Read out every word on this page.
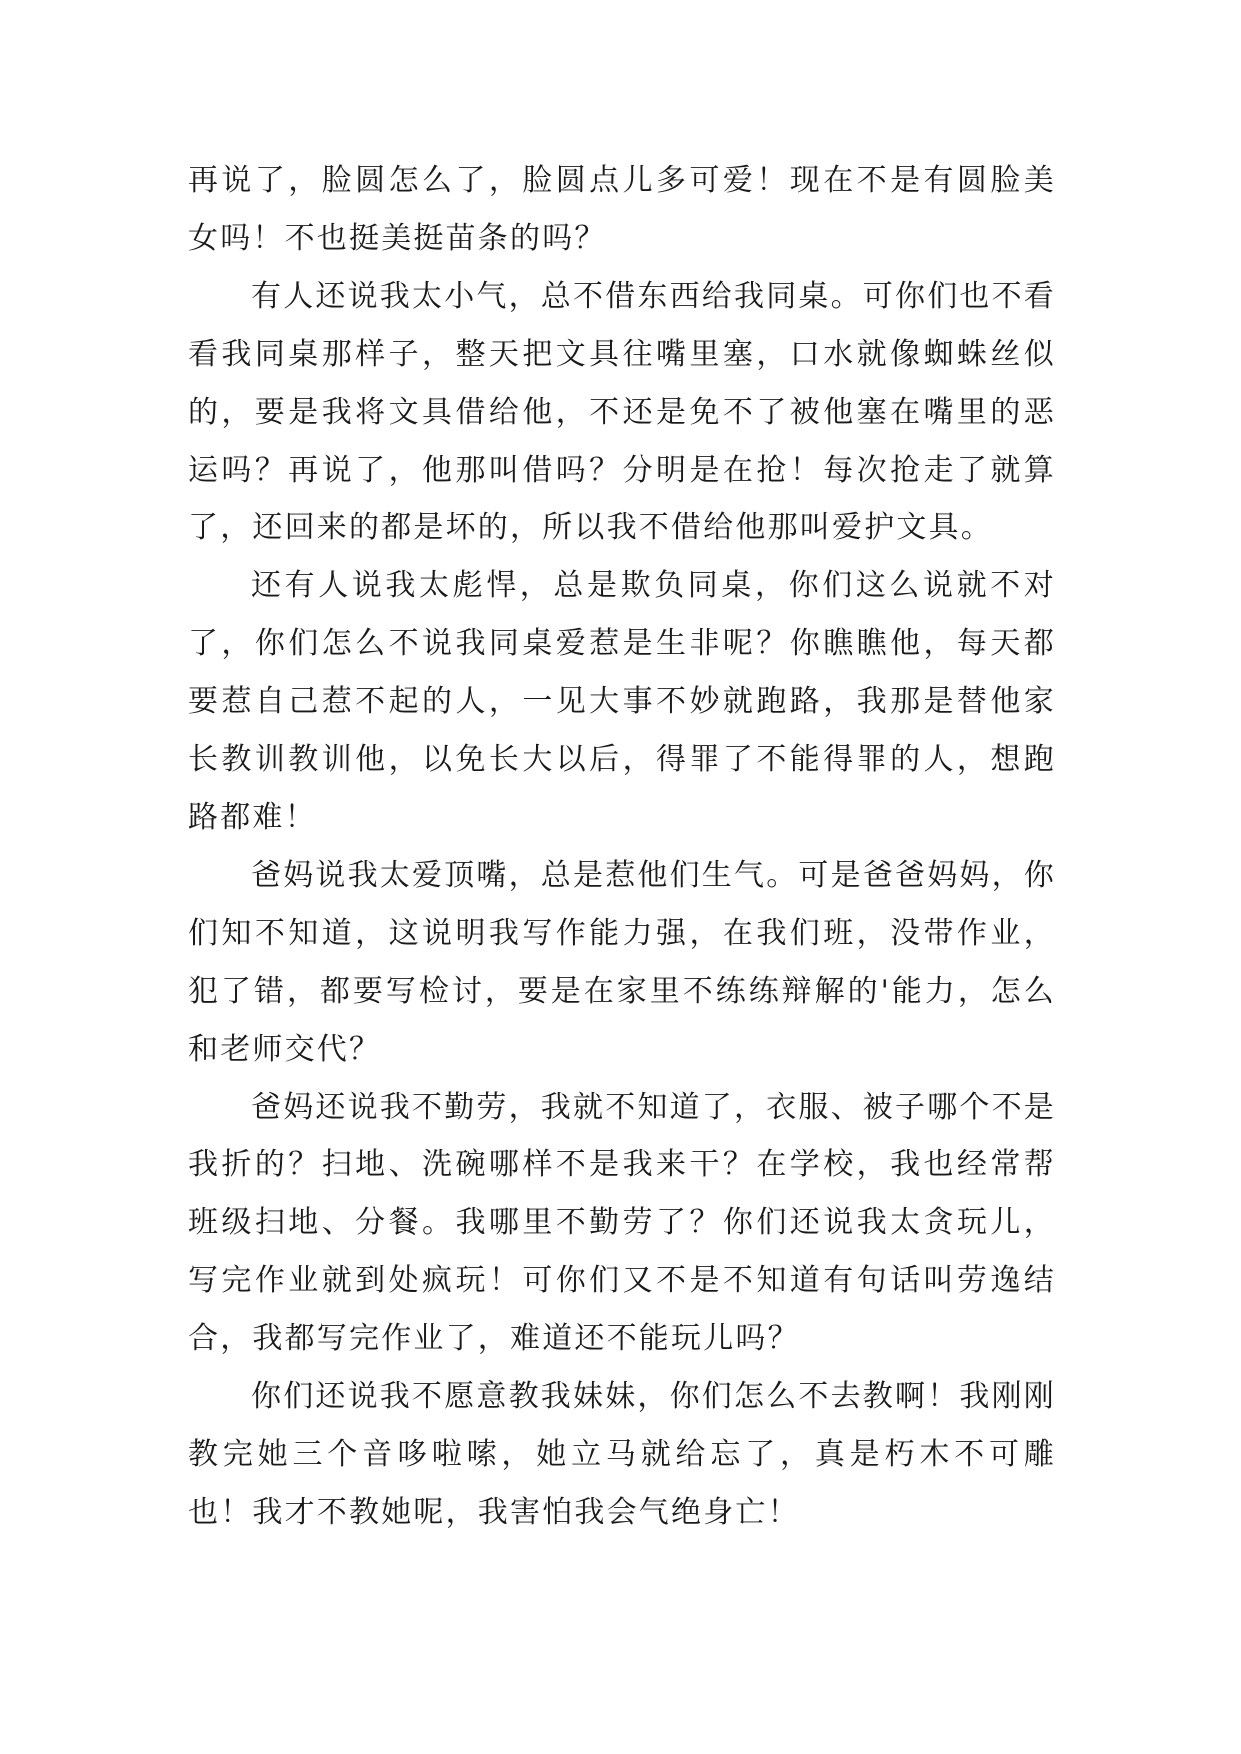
再说了，脸圆怎么了，脸圆点儿多可爱！现在不是有圆脸美女吗！不也挺美挺苗条的吗？

有人还说我太小气，总不借东西给我同桌。可你们也不看看我同桌那样子，整天把文具往嘴里塞，口水就像蜘蛛丝似的，要是我将文具借给他，不还是免不了被他塞在嘴里的恶运吗？再说了，他那叫借吗？分明是在抢！每次抢走了就算了，还回来的都是坏的，所以我不借给他那叫爱护文具。

还有人说我太彪悍，总是欺负同桌，你们这么说就不对了，你们怎么不说我同桌爱惹是生非呢？你瞧瞧他，每天都要惹自己惹不起的人，一见大事不妙就跑路，我那是替他家长教训教训他，以免长大以后，得罪了不能得罪的人，想跑路都难！

爸妈说我太爱顶嘴，总是惹他们生气。可是爸爸妈妈，你们知不知道，这说明我写作能力强，在我们班，没带作业，犯了错，都要写检讨，要是在家里不练练辩解的'能力，怎么和老师交代？

爸妈还说我不勤劳，我就不知道了，衣服、被子哪个不是我折的？扫地、洗碗哪样不是我来干？在学校，我也经常帮班级扫地、分餐。我哪里不勤劳了？你们还说我太贪玩儿，写完作业就到处疯玩！可你们又不是不知道有句话叫劳逸结合，我都写完作业了，难道还不能玩儿吗？

你们还说我不愿意教我妹妹，你们怎么不去教啊！我刚刚教完她三个音哆啦嗦，她立马就给忘了，真是朽木不可雕也！我才不教她呢，我害怕我会气绝身亡！
